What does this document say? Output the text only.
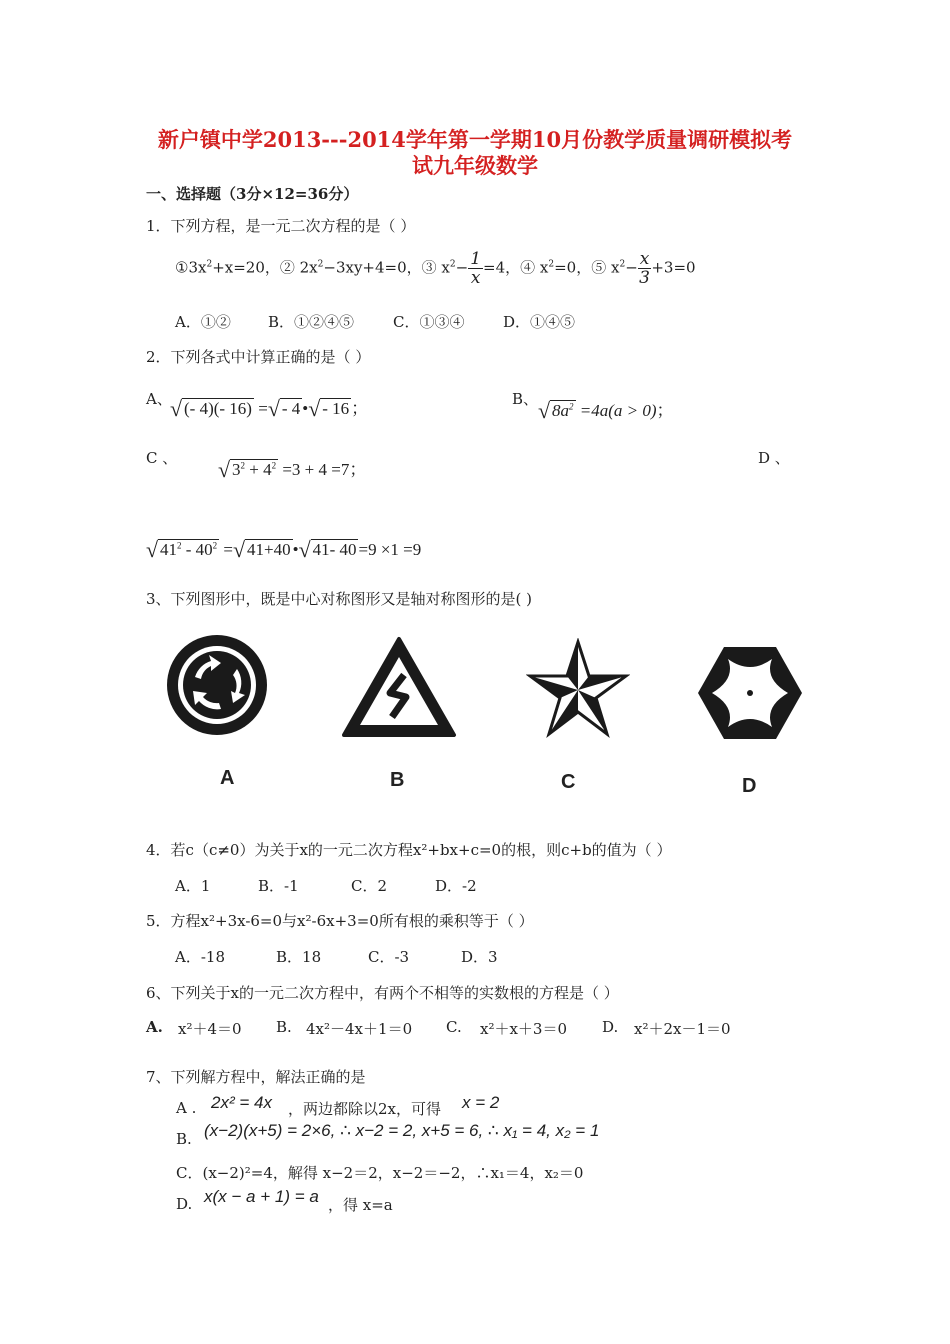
新户镇中学2013---2014学年第一学期10月份教学质量调研模拟考
试九年级数学
一、选择题（3分×12=36分）
1．下列方程，是一元二次方程的是（ ）
$①3x^2+x=20$，② $2x^2-3xy+4=0$，③ $x^2- \frac{1}{x} =4$，④ $x^2=0$，⑤ $x^2- \frac{x}{3} +3=0$
A．①② B．①②④⑤	C．①③④	D．①④⑤
2．下列各式中计算正确的是（ ）
A、
√ (- 4)(- 16) = √ - 4 • √ - 16 ；	B、 √ $8a^2 =4a(a > 0)$；
C 、 √ $3^2 + 4^2 =3 + 4 =7$；
D 、
√ $41^2 - 40^2$ = √ 41+40 • √ 41- 40 =9 ×1 =9
3、下列图形中，既是中心对称图形又是轴对称图形的是( )
A	B	C	D
4．若c（c≠0）为关于x的一元二次方程x²+bx+c=0的根，则c+b的值为（ ）
A．1	B．-1	C．2	D．-2
5．方程x²+3x-6=0与x²-6x+3=0所有根的乘积等于（ ）
A．-18	B．18	C．-3	D．3
6、下列关于x的一元二次方程中，有两个不相等的实数根的方程是（ ）
A. x²＋4＝0 B. 4x²－4x＋1＝0 C. x²＋x＋3＝0 D. x²＋2x－1＝0
7、下列解方程中，解法正确的是
A . 2x² = 4x ，两边都除以2x，可得 x = 2
B. (x−2)(x+5) = 2×6, ∴ x−2 = 2, x+5 = 6, ∴ x₁ = 4, x₂ = 1
C．(x−2)²=4，解得 x−2＝2，x−2＝−2，∴x₁＝4，x₂＝0
D. x(x − a + 1) = a ，得 x=a
